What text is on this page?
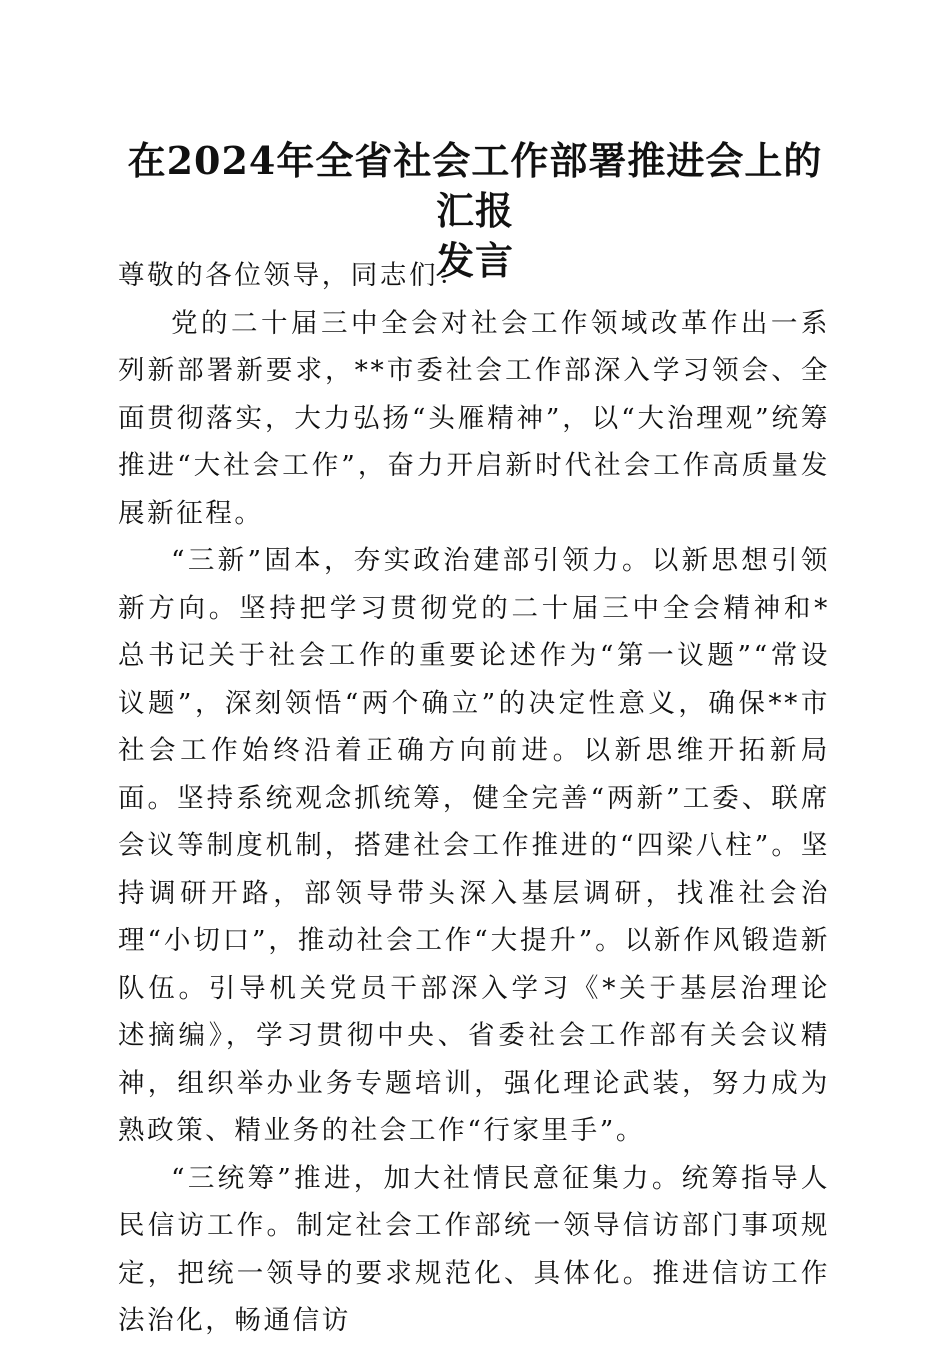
在2024年全省社会工作部署推进会上的汇报
发言

尊敬的各位领导，同志们：

党的二十届三中全会对社会工作领域改革作出一系列新部署新要求，**市委社会工作部深入学习领会、全面贯彻落实，大力弘扬“头雁精神”，以“大治理观”统筹推进“大社会工作”，奋力开启新时代社会工作高质量发展新征程。

“三新”固本，夯实政治建部引领力。以新思想引领新方向。坚持把学习贯彻党的二十届三中全会精神和*总书记关于社会工作的重要论述作为“第一议题”“常设议题”，深刻领悟“两个确立”的决定性意义，确保**市社会工作始终沿着正确方向前进。以新思维开拓新局面。坚持系统观念抓统筹，健全完善“两新”工委、联席会议等制度机制，搭建社会工作推进的“四梁八柱”。坚持调研开路，部领导带头深入基层调研，找准社会治理“小切口”，推动社会工作“大提升”。以新作风锻造新队伍。引导机关党员干部深入学习《*关于基层治理论述摘编》，学习贯彻中央、省委社会工作部有关会议精神，组织举办业务专题培训，强化理论武装，努力成为熟政策、精业务的社会工作“行家里手”。

“三统筹”推进，加大社情民意征集力。统筹指导人民信访工作。制定社会工作部统一领导信访部门事项规定，把统一领导的要求规范化、具体化。推进信访工作法治化，畅通信访
